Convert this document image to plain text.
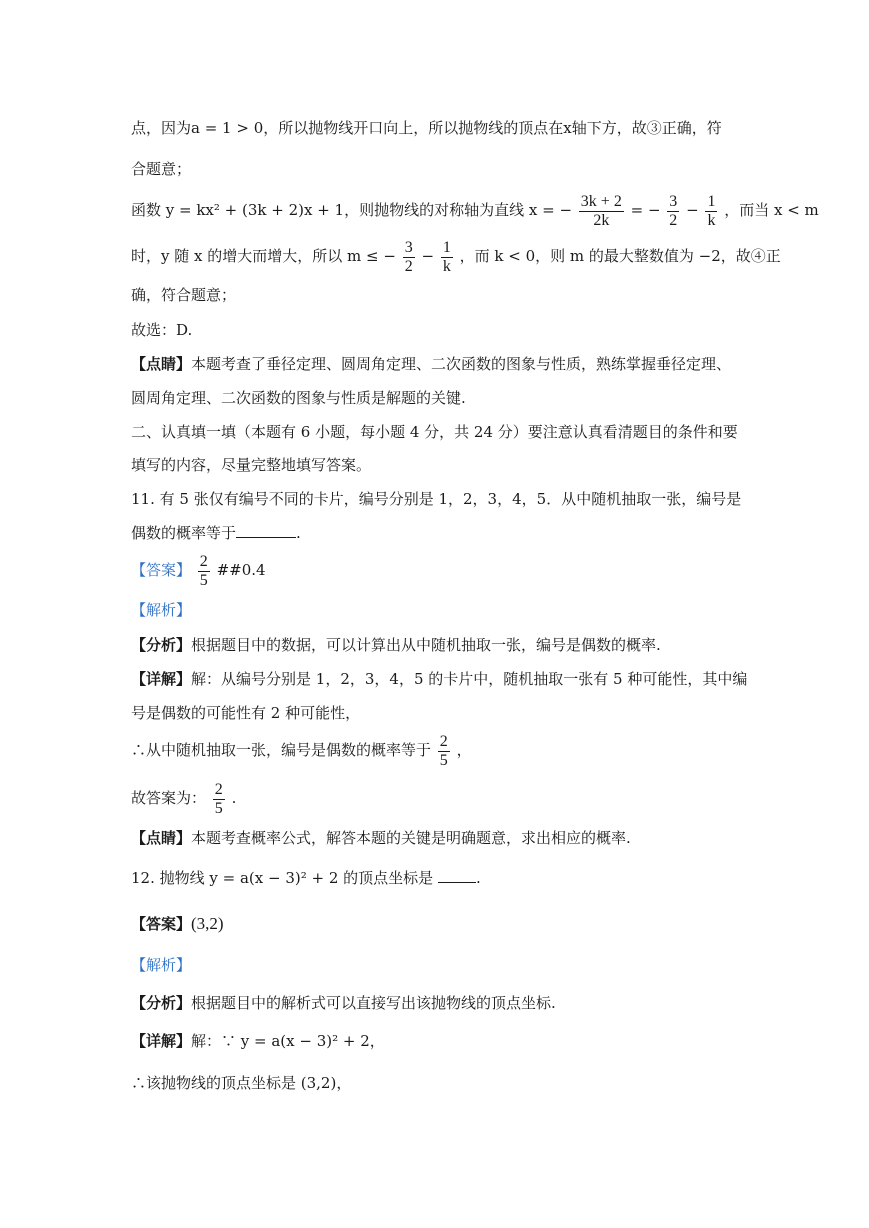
点，因为a = 1 > 0，所以抛物线开口向上，所以抛物线的顶点在x轴下方，故③正确，符
合题意；
函数 y = kx² + (3k + 2)x + 1，则抛物线的对称轴为直线 x = − $\frac{3k + 2}{2k}$ = − $\frac{3}{2} - \frac{1}{k}$ ，而当 x < m
时，y 随 x 的增大而增大，所以 m ≤ − $\frac{3}{2} - \frac{1}{k}$ ，而 k < 0，则 m 的最大整数值为 −2，故④正
确，符合题意；
故选：D.
【点睛】本题考查了垂径定理、圆周角定理、二次函数的图象与性质，熟练掌握垂径定理、
圆周角定理、二次函数的图象与性质是解题的关键.
二、认真填一填（本题有 6 小题，每小题 4 分，共 24 分）要注意认真看清题目的条件和要
填写的内容，尽量完整地填写答案。
11. 有 5 张仅有编号不同的卡片，编号分别是 1，2，3，4，5．从中随机抽取一张，编号是
偶数的概率等于	.
【答案】 $\frac{2}{5}$ ##0.4
【解析】
【分析】根据题目中的数据，可以计算出从中随机抽取一张，编号是偶数的概率.
【详解】解：从编号分别是 1，2，3，4，5 的卡片中，随机抽取一张有 5 种可能性，其中编
号是偶数的可能性有 2 种可能性，
∴从中随机抽取一张，编号是偶数的概率等于 $\frac{2}{5}$ ，
故答案为： $\frac{2}{5}$ .
【点睛】本题考查概率公式，解答本题的关键是明确题意，求出相应的概率.
12. 抛物线 y = a(x − 3)² + 2 的顶点坐标是	.
【答案】(3,2)
【解析】
【分析】根据题目中的解析式可以直接写出该抛物线的顶点坐标.
【详解】解：∵ y = a(x − 3)² + 2，
∴该抛物线的顶点坐标是 (3,2)，
